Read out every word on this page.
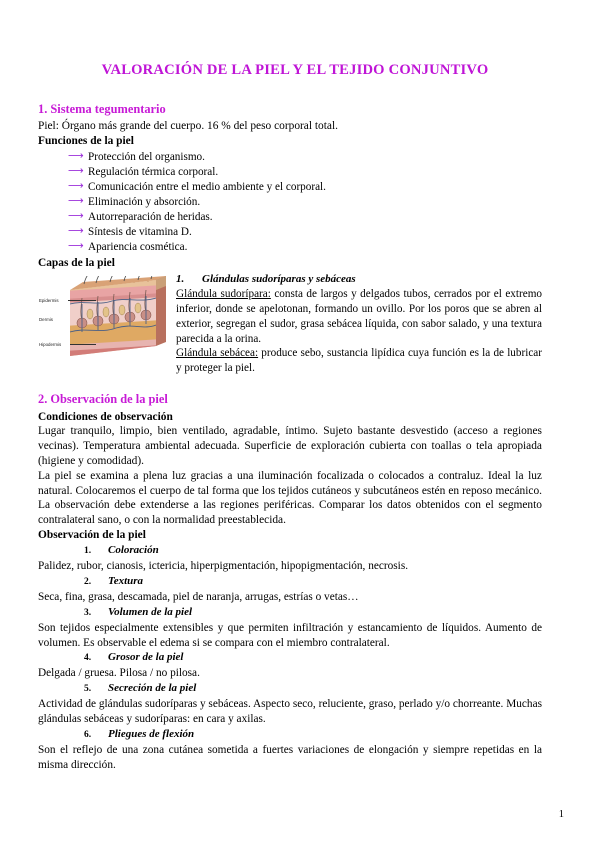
VALORACIÓN DE LA PIEL Y EL TEJIDO CONJUNTIVO
1. Sistema tegumentario

Piel: Órgano más grande del cuerpo. 16 % del peso corporal total.

Funciones de la piel

⟶ Protección del organismo.
⟶ Regulación térmica corporal.
⟶ Comunicación entre el medio ambiente y el corporal.
⟶ Eliminación y absorción.
⟶ Autorreparación de heridas.
⟶ Síntesis de vitamina D.
⟶ Apariencia cosmética.

Capas de la piel

Epidermis
Dermis
Hipodermis

1. Glándulas sudoríparas y sebáceas

Glándula sudorípara: consta de largos y delgados tubos, cerrados por el extremo inferior, donde se apelotonan, formando un ovillo. Por los poros que se abren al exterior, segregan el sudor, grasa sebácea líquida, con sabor salado, y una textura parecida a la orina.
Glándula sebácea: produce sebo, sustancia lipídica cuya función es la de lubricar y proteger la piel.
2. Observación de la piel

Condiciones de observación

Lugar tranquilo, limpio, bien ventilado, agradable, íntimo. Sujeto bastante desvestido (acceso a regiones vecinas). Temperatura ambiental adecuada. Superficie de exploración cubierta con toallas o tela apropiada (higiene y comodidad).

La piel se examina a plena luz gracias a una iluminación focalizada o colocados a contraluz. Ideal la luz natural. Colocaremos el cuerpo de tal forma que los tejidos cutáneos y subcutáneos estén en reposo mecánico. La observación debe extenderse a las regiones periféricas. Comparar los datos obtenidos con el segmento contralateral sano, o con la normalidad preestablecida.

Observación de la piel

1. Coloración

Palidez, rubor, cianosis, ictericia, hiperpigmentación, hipopigmentación, necrosis.

2. Textura

Seca, fina, grasa, descamada, piel de naranja, arrugas, estrías o vetas…

3. Volumen de la piel

Son tejidos especialmente extensibles y que permiten infiltración y estancamiento de líquidos. Aumento de volumen. Es observable el edema si se compara con el miembro contralateral.

4. Grosor de la piel

Delgada / gruesa. Pilosa / no pilosa.

5. Secreción de la piel

Actividad de glándulas sudoríparas y sebáceas. Aspecto seco, reluciente, graso, perlado y/o chorreante. Muchas glándulas sebáceas y sudoríparas: en cara y axilas.

6. Pliegues de flexión

Son el reflejo de una zona cutánea sometida a fuertes variaciones de elongación y siempre repetidas en la misma dirección.

1
